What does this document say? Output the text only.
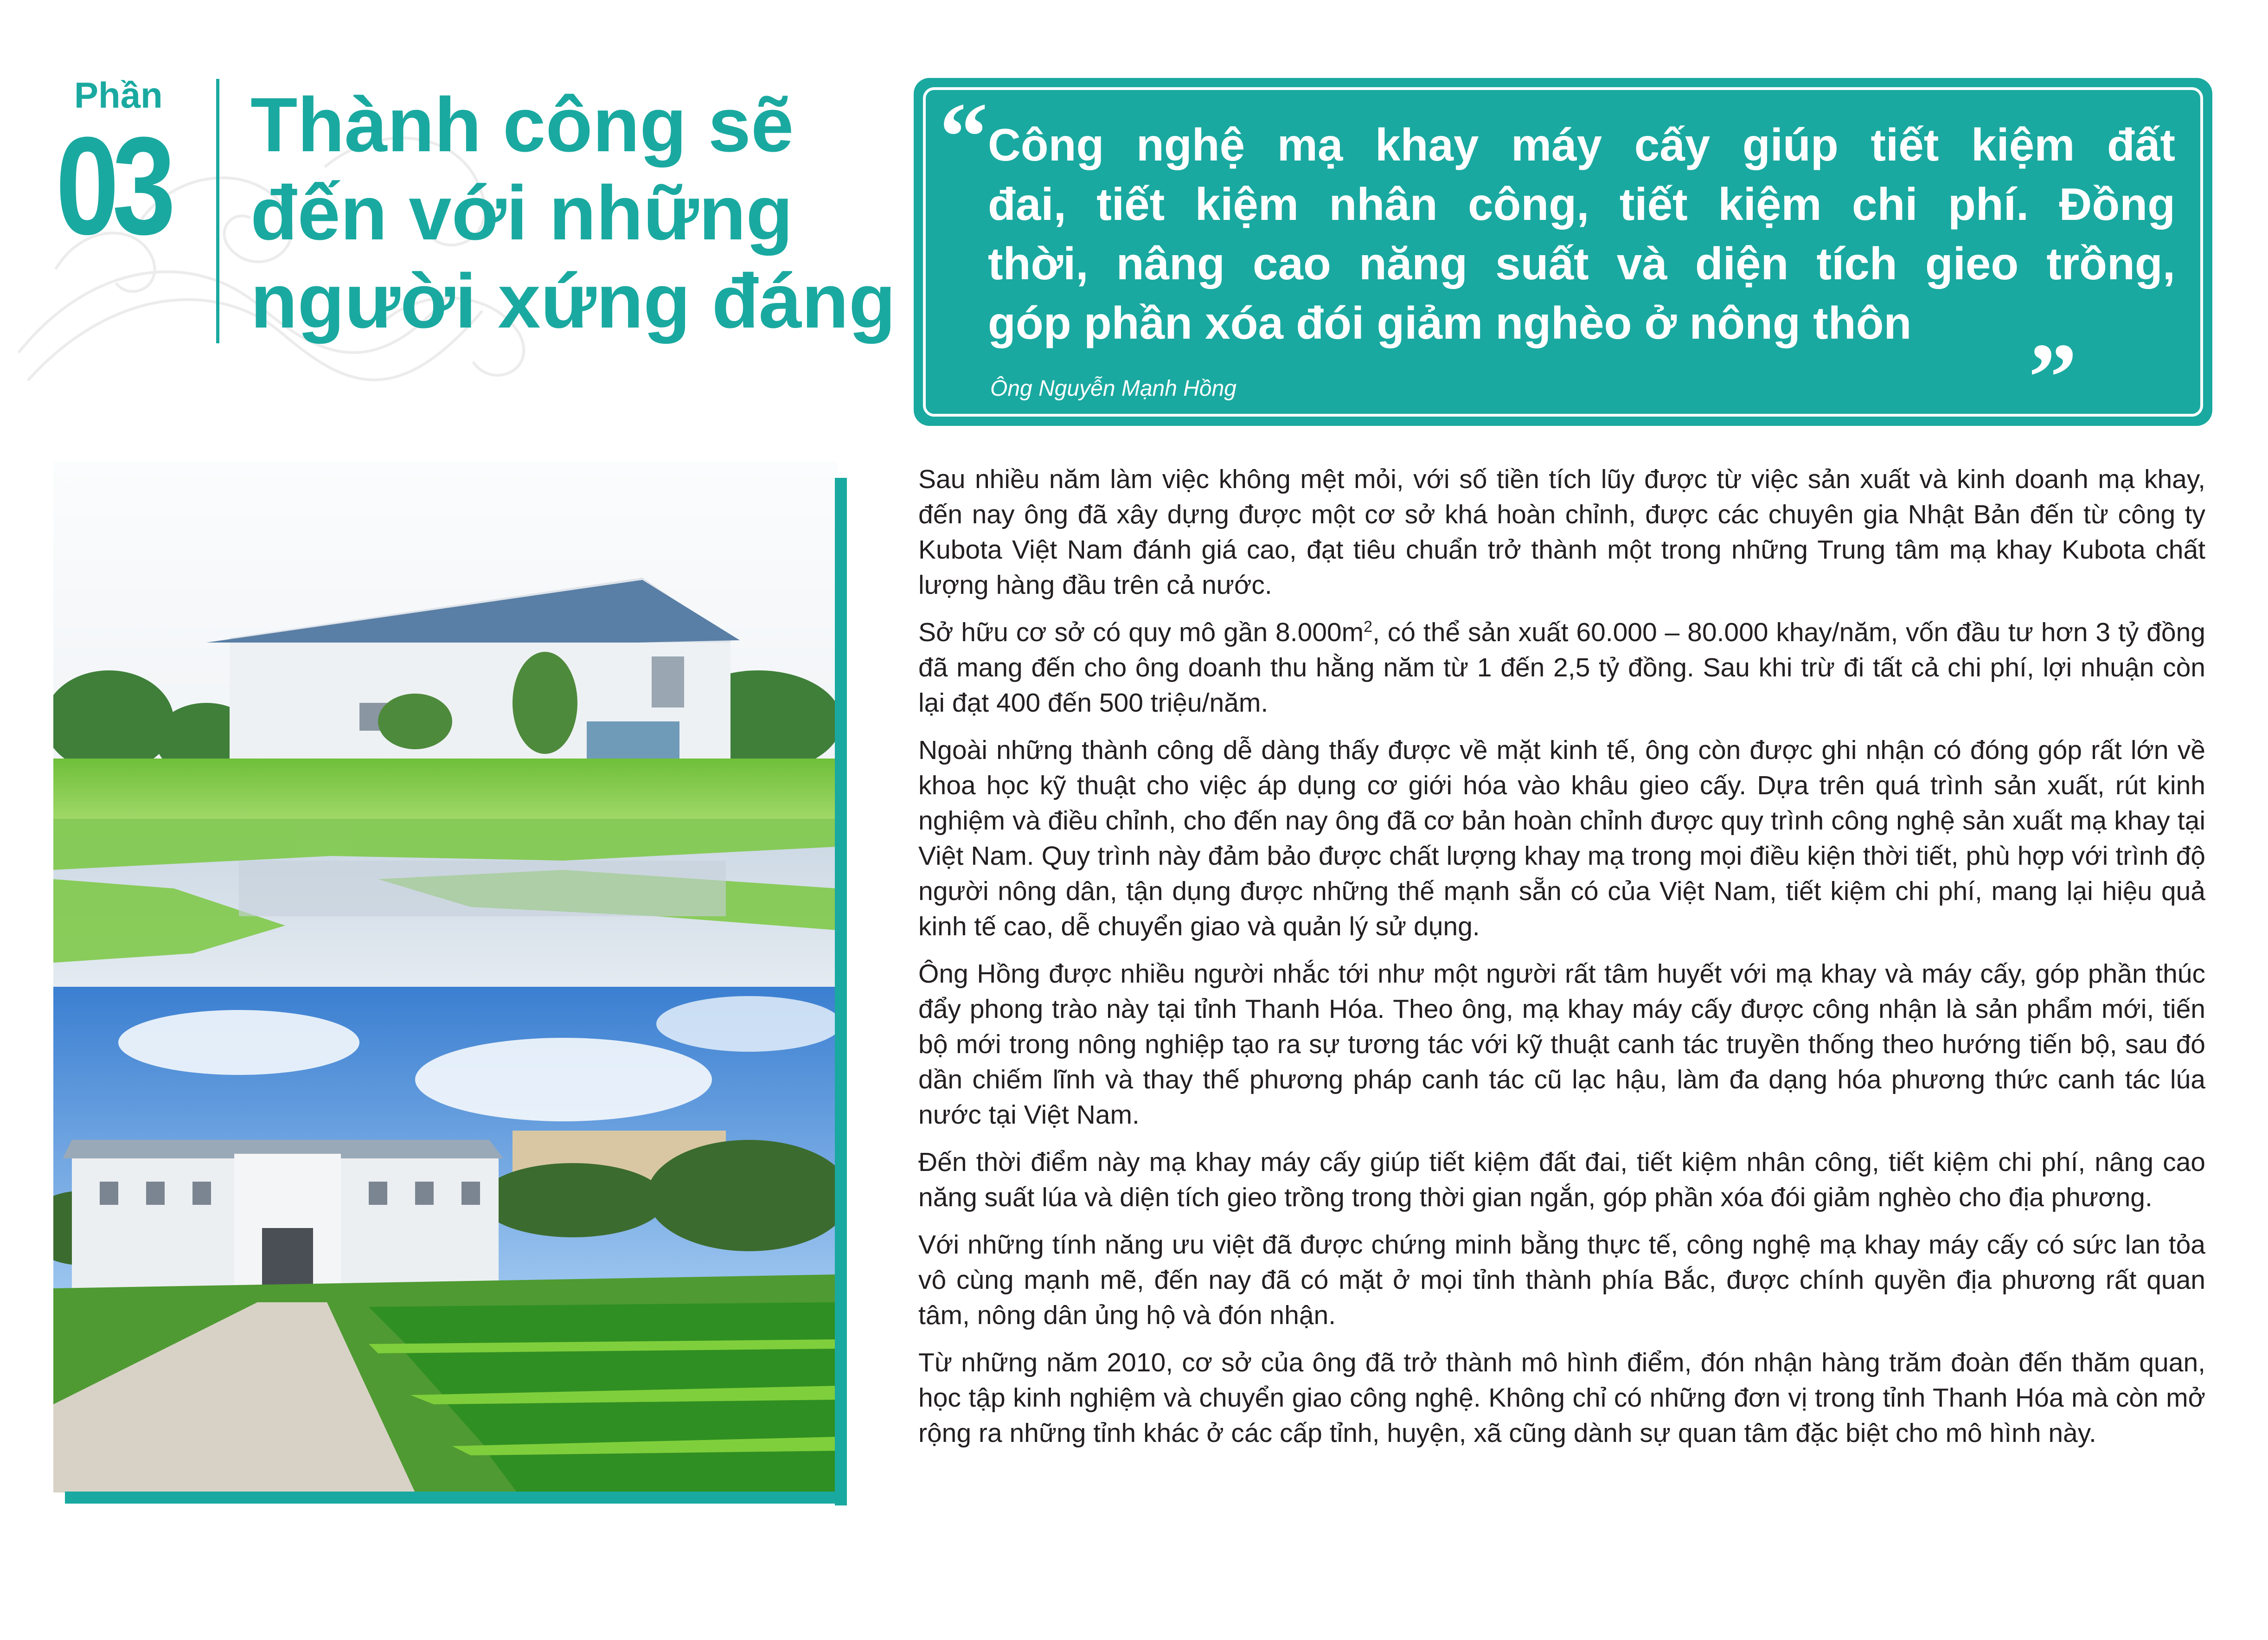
Phần
03 Thành công sẽ
đến với những
người xứng đáng
“ Công nghệ mạ khay máy cấy giúp tiết kiệm đất
đai, tiết kiệm nhân công, tiết kiệm chi phí. Đồng
thời, nâng cao năng suất và diện tích gieo trồng,
góp phần xóa đói giảm nghèo ở nông thôn	„
Ông Nguyễn Mạnh Hồng

Sau nhiều năm làm việc không mệt mỏi, với số tiền tích lũy được từ việc sản xuất và kinh doanh mạ khay, đến nay ông đã xây dựng được một cơ sở khá hoàn chỉnh, được các chuyên gia Nhật Bản đến từ công ty Kubota Việt Nam đánh giá cao, đạt tiêu chuẩn trở thành một trong những Trung tâm mạ khay Kubota chất lượng hàng đầu trên cả nước.

Sở hữu cơ sở có quy mô gần $8.000m^2$, có thể sản xuất 60.000 – 80.000 khay/năm, vốn đầu tư hơn 3 tỷ đồng đã mang đến cho ông doanh thu hằng năm từ 1 đến 2,5 tỷ đồng. Sau khi trừ đi tất cả chi phí, lợi nhuận còn lại đạt 400 đến 500 triệu/năm.

Ngoài những thành công dễ dàng thấy được về mặt kinh tế, ông còn được ghi nhận có đóng góp rất lớn về khoa học kỹ thuật cho việc áp dụng cơ giới hóa vào khâu gieo cấy. Dựa trên quá trình sản xuất, rút kinh nghiệm và điều chỉnh, cho đến nay ông đã cơ bản hoàn chỉnh được quy trình công nghệ sản xuất mạ khay tại Việt Nam. Quy trình này đảm bảo được chất lượng khay mạ trong mọi điều kiện thời tiết, phù hợp với trình độ người nông dân, tận dụng được những thế mạnh sẵn có của Việt Nam, tiết kiệm chi phí, mang lại hiệu quả kinh tế cao, dễ chuyển giao và quản lý sử dụng.

Ông Hồng được nhiều người nhắc tới như một người rất tâm huyết với mạ khay và máy cấy, góp phần thúc đẩy phong trào này tại tỉnh Thanh Hóa. Theo ông, mạ khay máy cấy được công nhận là sản phẩm mới, tiến bộ mới trong nông nghiệp tạo ra sự tương tác với kỹ thuật canh tác truyền thống theo hướng tiến bộ, sau đó dần chiếm lĩnh và thay thế phương pháp canh tác cũ lạc hậu, làm đa dạng hóa phương thức canh tác lúa nước tại Việt Nam.

Đến thời điểm này mạ khay máy cấy giúp tiết kiệm đất đai, tiết kiệm nhân công, tiết kiệm chi phí, nâng cao năng suất lúa và diện tích gieo trồng trong thời gian ngắn, góp phần xóa đói giảm nghèo cho địa phương.

Với những tính năng ưu việt đã được chứng minh bằng thực tế, công nghệ mạ khay máy cấy có sức lan tỏa vô cùng mạnh mẽ, đến nay đã có mặt ở mọi tỉnh thành phía Bắc, được chính quyền địa phương rất quan tâm, nông dân ủng hộ và đón nhận.

Từ những năm 2010, cơ sở của ông đã trở thành mô hình điểm, đón nhận hàng trăm đoàn đến thăm quan, học tập kinh nghiệm và chuyển giao công nghệ. Không chỉ có những đơn vị trong tỉnh Thanh Hóa mà còn mở rộng ra những tỉnh khác ở các cấp tỉnh, huyện, xã cũng dành sự quan tâm đặc biệt cho mô hình này.
